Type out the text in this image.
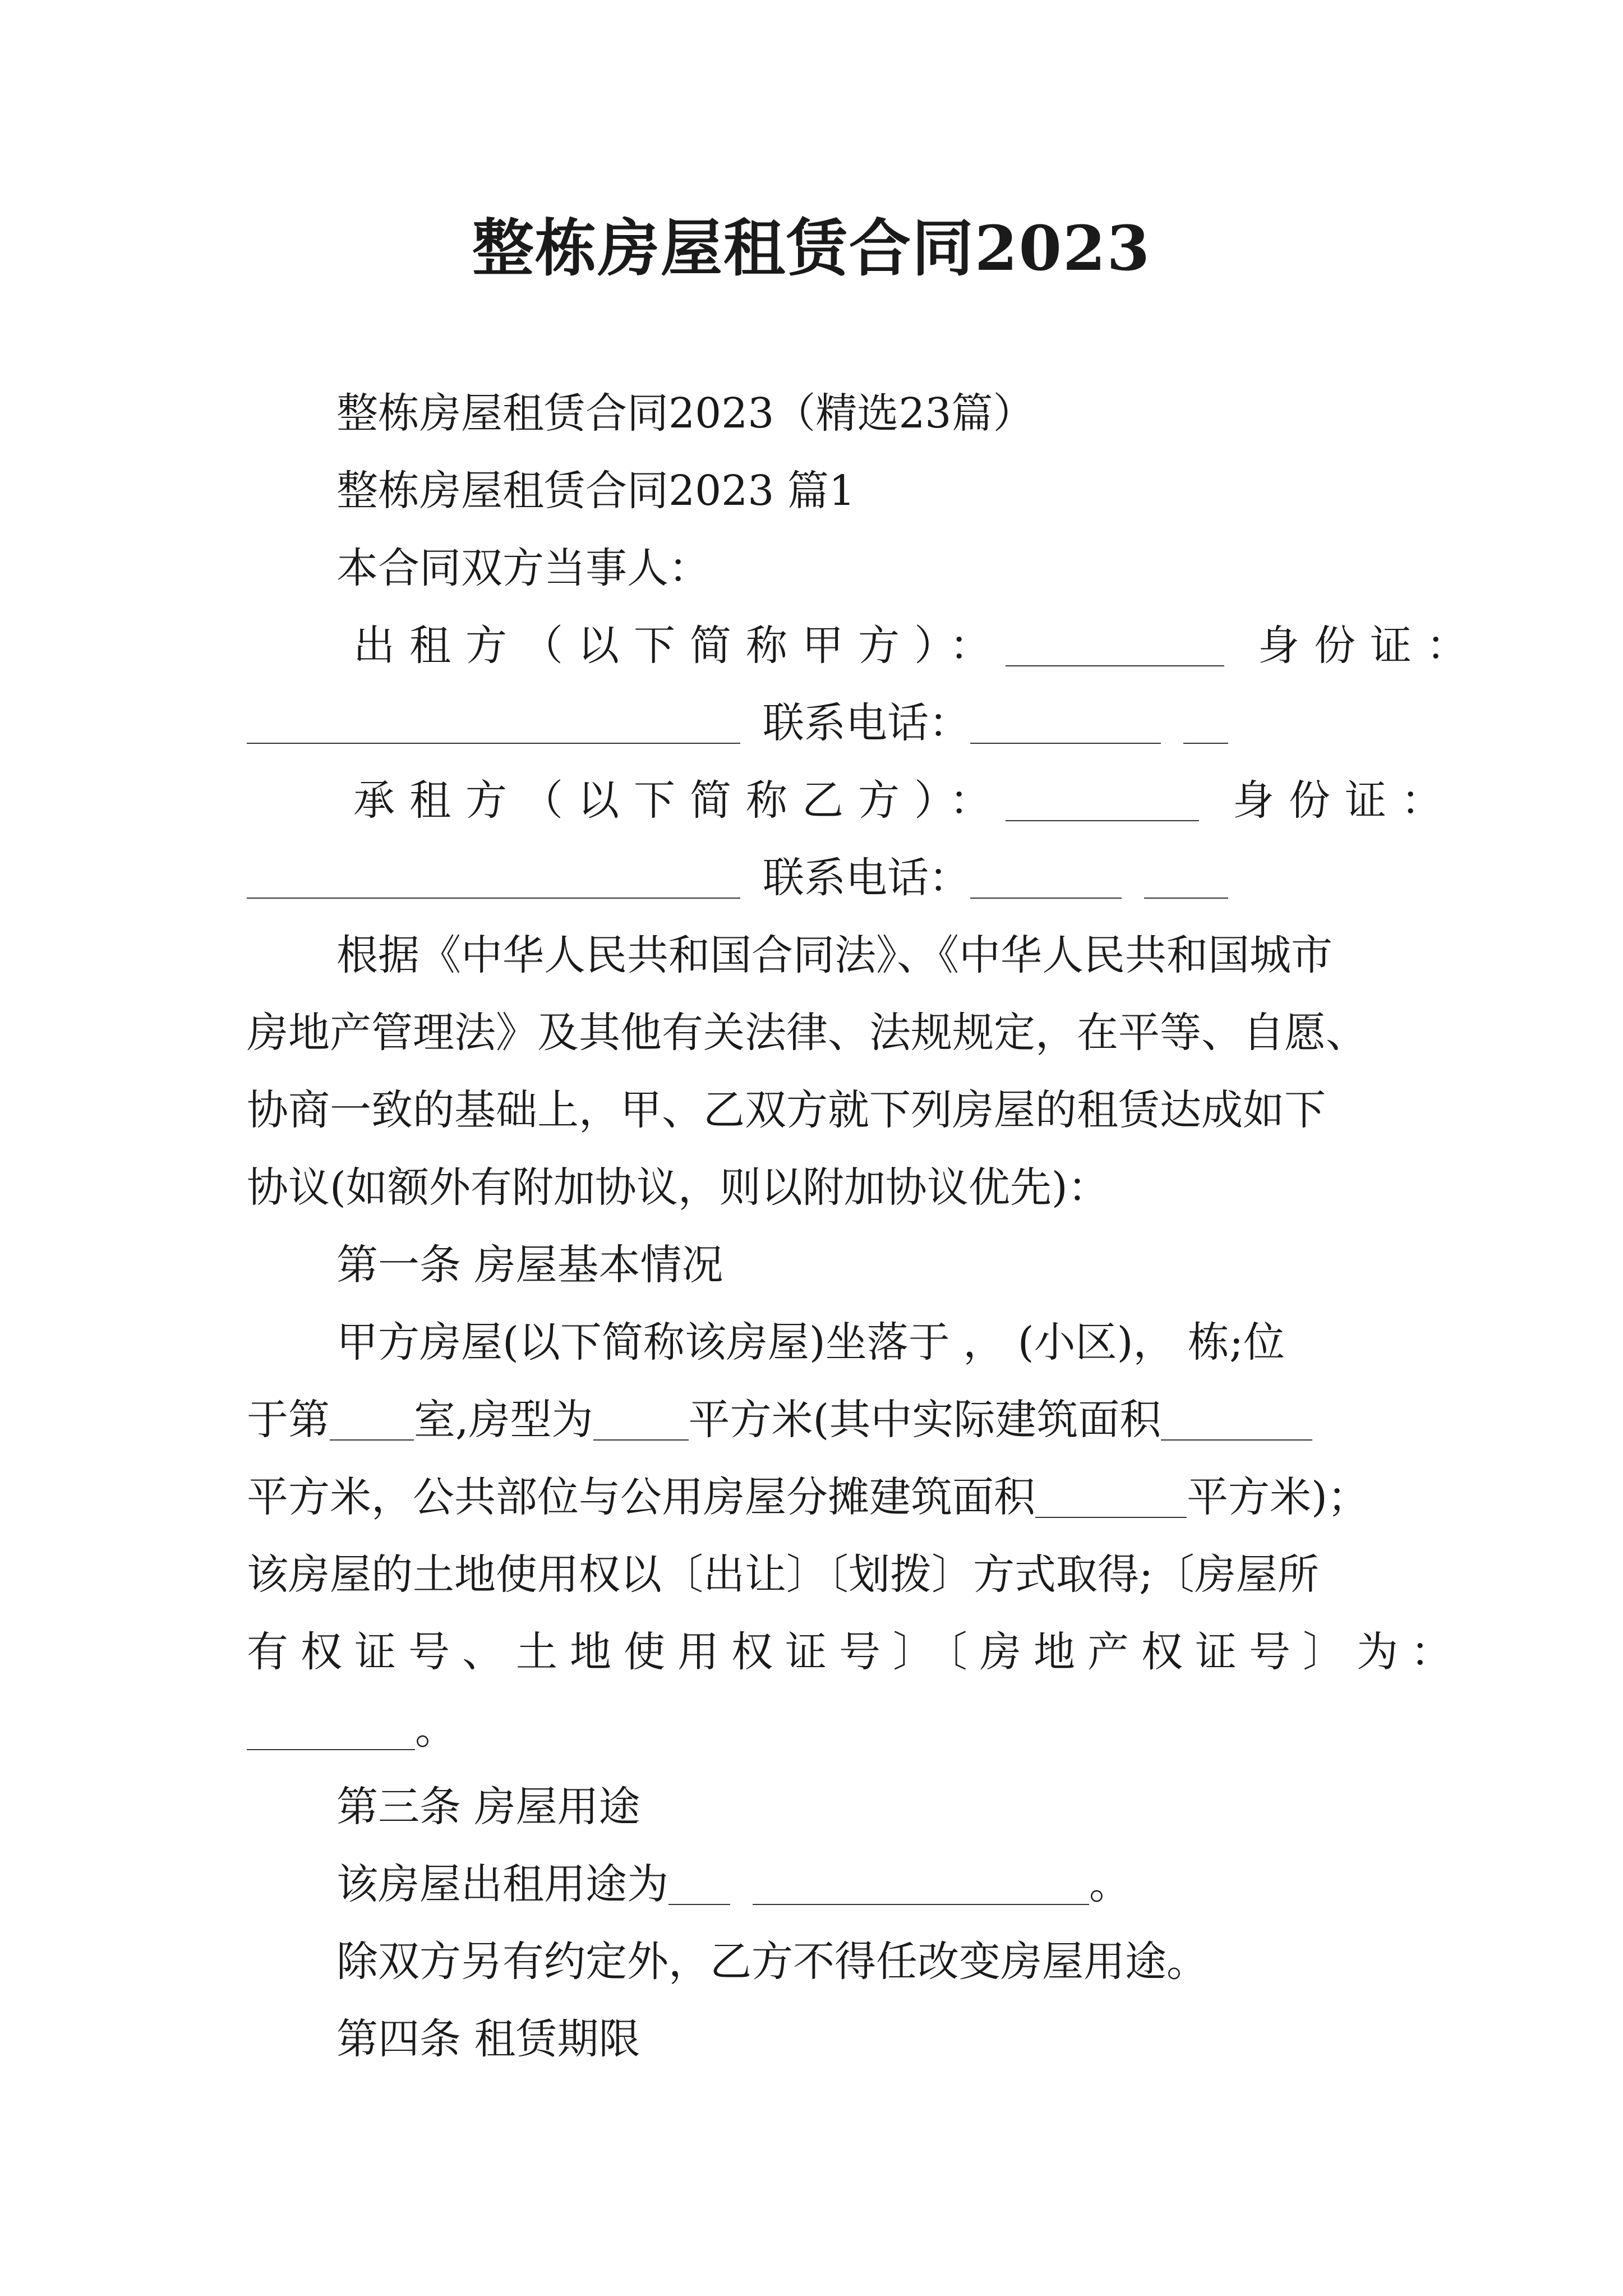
整栋房屋租赁合同2023
整栋房屋租赁合同2023（精选23篇）
整栋房屋租赁合同2023 篇1
本合同双方当事人：
出租方（以下简称甲方）：	身份证：
联系电话：
承租方（以下简称乙方）：	身份证：
联系电话：
根据《中华人民共和国合同法》、《中华人民共和国城市
房地产管理法》及其他有关法律、法规规定，在平等、自愿、
协商一致的基础上，甲、乙双方就下列房屋的租赁达成如下
协议(如额外有附加协议，则以附加协议优先)：
第一条 房屋基本情况
甲方房屋(以下简称该房屋)坐落于 ， (小区)， 栋;位
于第 室,房型为 平方米(其中实际建筑面积
平方米，公共部位与公用房屋分摊建筑面积	平方米)；
该房屋的土地使用权以〔出让〕〔划拨〕方式取得;〔房屋所
有权证号、土地使用权证号〕〔房地产权证号〕为：
。
第三条 房屋用途
该房屋出租用途为	。
除双方另有约定外，乙方不得任改变房屋用途。
第四条 租赁期限
